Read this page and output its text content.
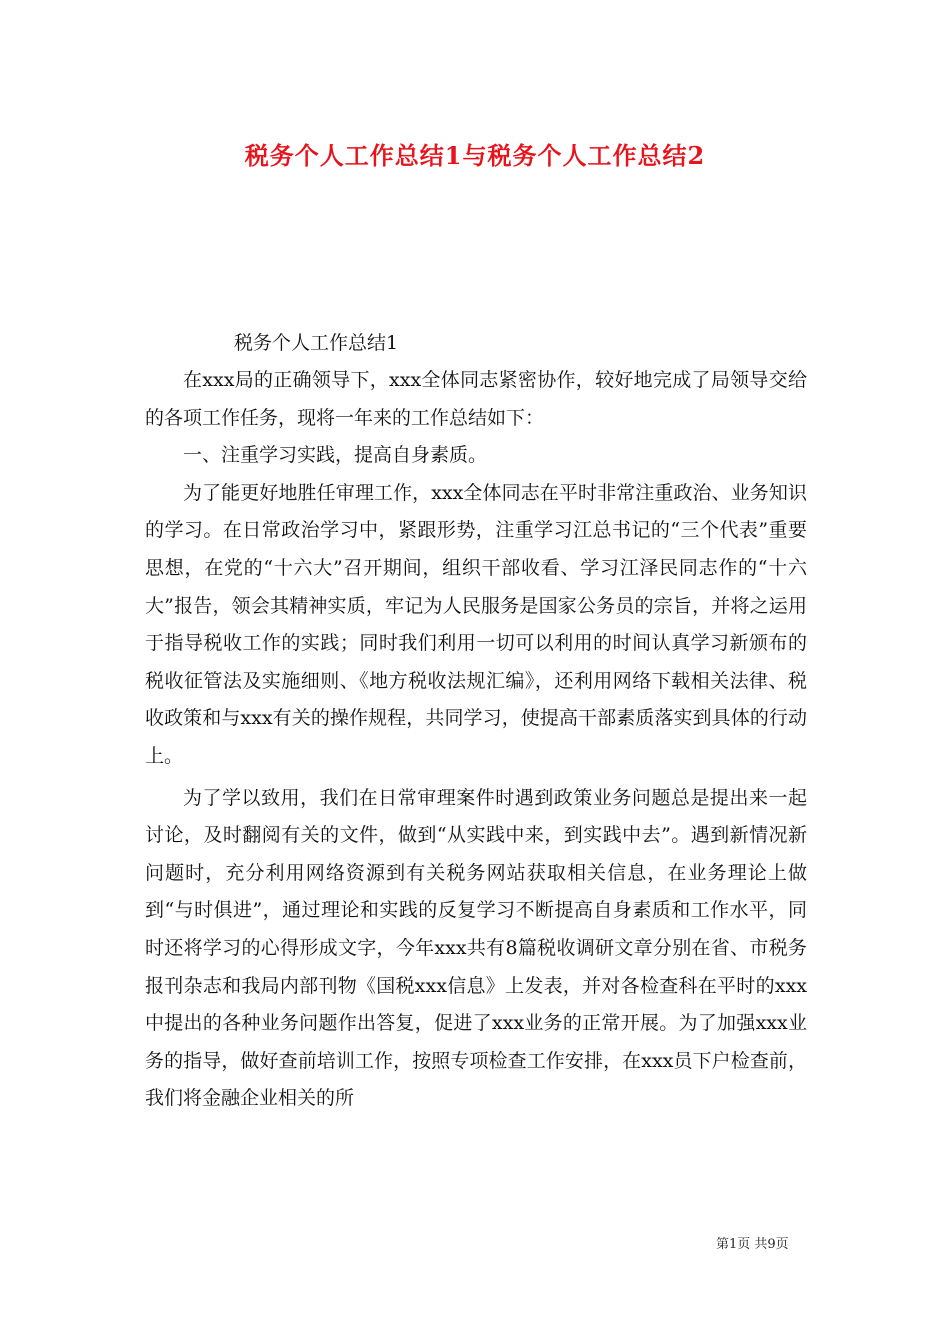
税务个人工作总结1与税务个人工作总结2
税务个人工作总结1

在xxx局的正确领导下，xxx全体同志紧密协作，较好地完成了局领导交给的各项工作任务，现将一年来的工作总结如下：

一、注重学习实践，提高自身素质。

为了能更好地胜任审理工作，xxx全体同志在平时非常注重政治、业务知识的学习。在日常政治学习中，紧跟形势，注重学习江总书记的“三个代表”重要思想，在党的“十六大”召开期间，组织干部收看、学习江泽民同志作的“十六大”报告，领会其精神实质，牢记为人民服务是国家公务员的宗旨，并将之运用于指导税收工作的实践；同时我们利用一切可以利用的时间认真学习新颁布的税收征管法及实施细则、《地方税收法规汇编》，还利用网络下载相关法律、税收政策和与xxx有关的操作规程，共同学习，使提高干部素质落实到具体的行动上。

为了学以致用，我们在日常审理案件时遇到政策业务问题总是提出来一起讨论，及时翻阅有关的文件，做到“从实践中来，到实践中去”。遇到新情况新问题时，充分利用网络资源到有关税务网站获取相关信息，在业务理论上做到“与时俱进”，通过理论和实践的反复学习不断提高自身素质和工作水平，同时还将学习的心得形成文字，今年xxx共有8篇税收调研文章分别在省、市税务报刊杂志和我局内部刊物《国税xxx信息》上发表，并对各检查科在平时的xxx中提出的各种业务问题作出答复，促进了xxx业务的正常开展。为了加强xxx业务的指导，做好查前培训工作，按照专项检查工作安排，在xxx员下户检查前，我们将金融企业相关的所

第1页 共9页
